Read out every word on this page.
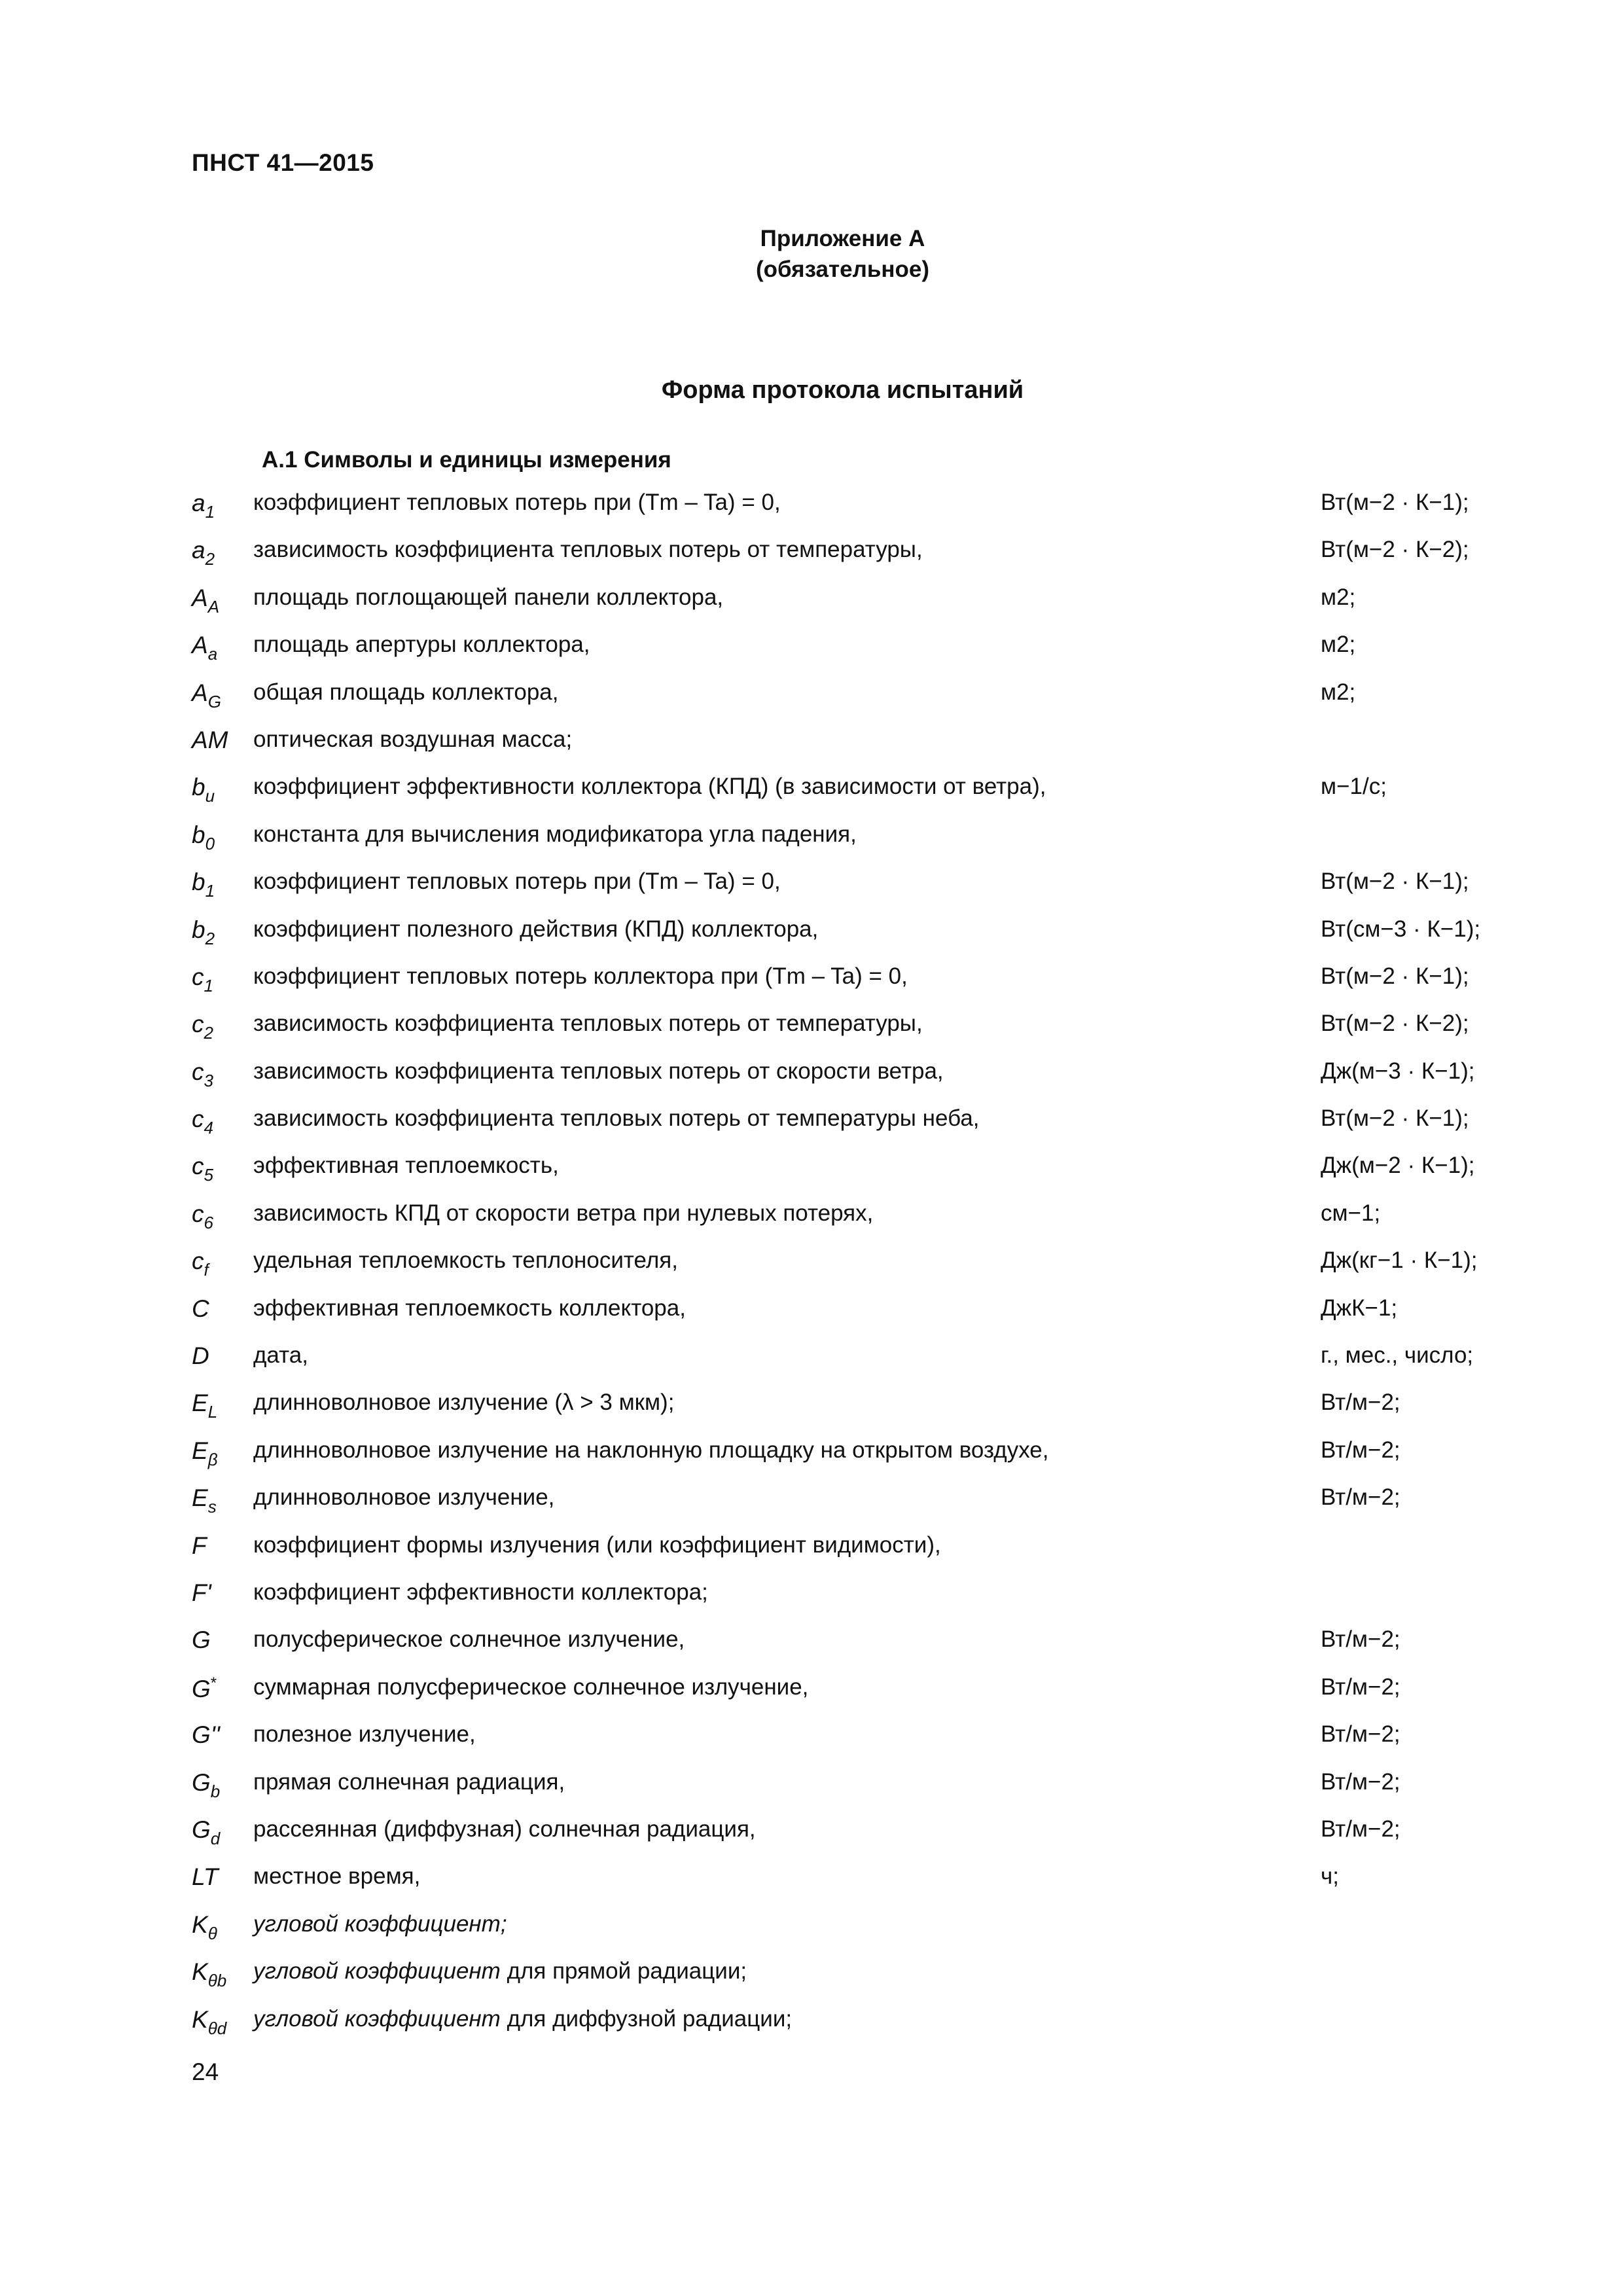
ПНСТ 41—2015
Приложение А
(обязательное)
Форма протокола испытаний
А.1 Символы и единицы измерения
$a_1$ коэффициент тепловых потерь при (Tm – Ta) = 0,	Вт(м−2 · К−1);
$a_2$ зависимость коэффициента тепловых потерь от температуры,	Вт(м−2 · К−2);
$A_A$ площадь поглощающей панели коллектора,	м2;
$A_a$ площадь апертуры коллектора,	м2;
$A_G$ общая площадь коллектора,	м2;
AM оптическая воздушная масса;
$b_u$ коэффициент эффективности коллектора (КПД) (в зависимости от ветра),	м−1/с;
$b_0$ константа для вычисления модификатора угла падения,
$b_1$ коэффициент тепловых потерь при (Tm – Ta) = 0,	Вт(м−2 · К−1);
$b_2$ коэффициент полезного действия (КПД) коллектора,	Вт(см−3 · К−1);
$c_1$ коэффициент тепловых потерь коллектора при (Tm – Ta) = 0,	Вт(м−2 · К−1);
$c_2$ зависимость коэффициента тепловых потерь от температуры,	Вт(м−2 · К−2);
$c_3$ зависимость коэффициента тепловых потерь от скорости ветра,	Дж(м−3 · К−1);
$c_4$ зависимость коэффициента тепловых потерь от температуры неба,	Вт(м−2 · К−1);
$c_5$ эффективная теплоемкость,	Дж(м−2 · К−1);
$c_6$ зависимость КПД от скорости ветра при нулевых потерях,	см−1;
$c_f$ удельная теплоемкость теплоносителя,	Дж(кг−1 · К−1);
C эффективная теплоемкость коллектора,	ДжК−1;
D дата,	г., мес., число;
$E_L$ длинноволновое излучение (λ > 3 мкм);	Вт/м−2;
$E_\beta$ длинноволновое излучение на наклонную площадку на открытом воздухе,	Вт/м−2;
$E_s$ длинноволновое излучение,	Вт/м−2;
F коэффициент формы излучения (или коэффициент видимости),
F' коэффициент эффективности коллектора;
G полусферическое солнечное излучение,	Вт/м−2;
G* суммарная полусферическое солнечное излучение,	Вт/м−2;
G'' полезное излучение,	Вт/м−2;
$G_b$ прямая солнечная радиация,	Вт/м−2;
$G_d$ рассеянная (диффузная) солнечная радиация,	Вт/м−2;
LT местное время,	ч;
$K_\theta$ угловой коэффициент;
$K_{\theta b}$ угловой коэффициент для прямой радиации;
$K_{\theta d}$ угловой коэффициент для диффузной радиации;
24
